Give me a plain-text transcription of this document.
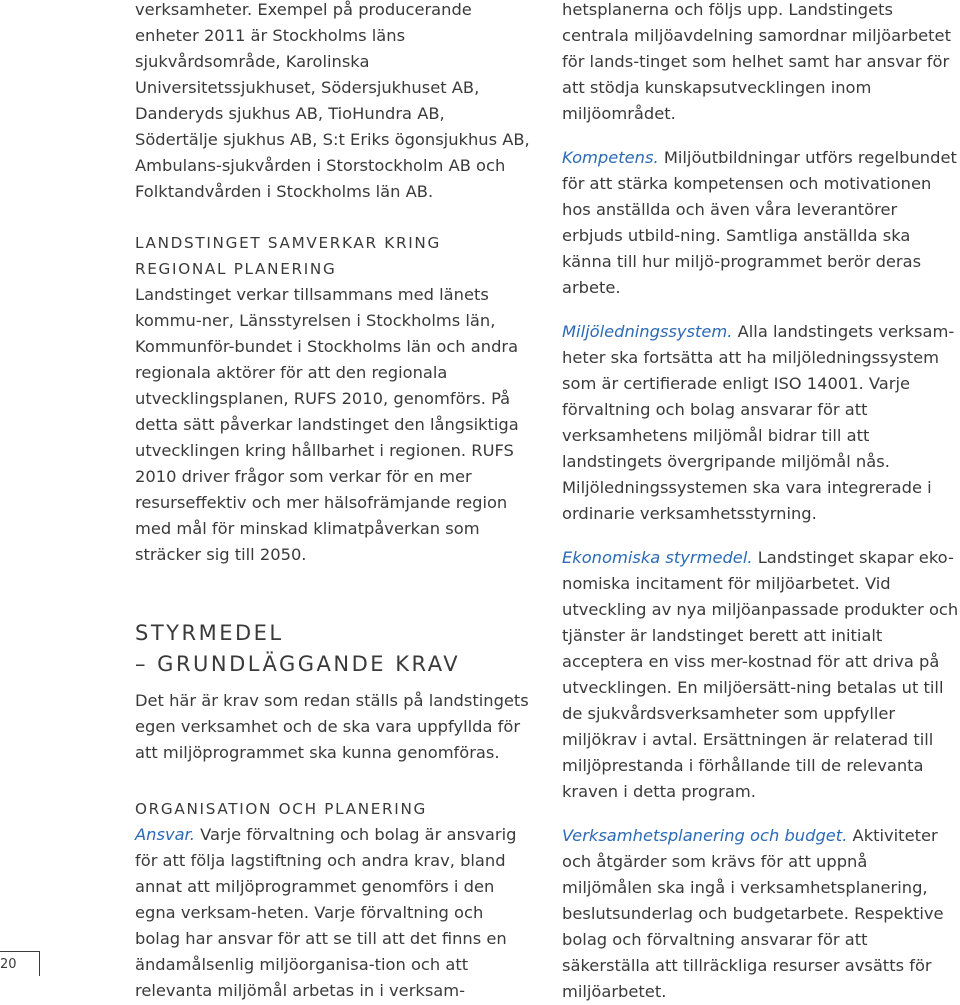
verksamheter. Exempel på producerande enheter 2011 är Stockholms läns sjukvårdsområde, Karolinska Universitetssjukhuset, Södersjukhuset AB, Danderyds sjukhus AB, TioHundra AB, Södertälje sjukhus AB, S:t Eriks ögonsjukhus AB, Ambulans-sjukvården i Storstockholm AB och Folktandvården i Stockholms län AB.

LANDSTINGET SAMVERKAR KRING
REGIONAL PLANERING

Landstinget verkar tillsammans med länets kommu-ner, Länsstyrelsen i Stockholms län, Kommunför-bundet i Stockholms län och andra regionala aktörer för att den regionala utvecklingsplanen, RUFS 2010, genomförs. På detta sätt påverkar landstinget den långsiktiga utvecklingen kring hållbarhet i regionen. RUFS 2010 driver frågor som verkar för en mer resurseffektiv och mer hälsofrämjande region med mål för minskad klimatpåverkan som sträcker sig till 2050.

STYRMEDEL
– GRUNDLÄGGANDE KRAV

Det här är krav som redan ställs på landstingets egen verksamhet och de ska vara uppfyllda för att miljöprogrammet ska kunna genomföras.

ORGANISATION OCH PLANERING

Ansvar. Varje förvaltning och bolag är ansvarig för att följa lagstiftning och andra krav, bland annat att miljöprogrammet genomförs i den egna verksam-heten. Varje förvaltning och bolag har ansvar för att se till att det finns en ändamålsenlig miljöorganisa-tion och att relevanta miljömål arbetas in i verksam-

hetsplanerna och följs upp. Landstingets centrala miljöavdelning samordnar miljöarbetet för lands-tinget som helhet samt har ansvar för att stödja kunskapsutvecklingen inom miljöområdet.

Kompetens. Miljöutbildningar utförs regelbundet för att stärka kompetensen och motivationen hos anställda och även våra leverantörer erbjuds utbild-ning. Samtliga anställda ska känna till hur miljö-programmet berör deras arbete.

Miljöledningssystem. Alla landstingets verksam-heter ska fortsätta att ha miljöledningssystem som är certifierade enligt ISO 14001. Varje förvaltning och bolag ansvarar för att verksamhetens miljömål bidrar till att landstingets övergripande miljömål nås. Miljöledningssystemen ska vara integrerade i ordinarie verksamhetsstyrning.

Ekonomiska styrmedel. Landstinget skapar eko-nomiska incitament för miljöarbetet. Vid utveckling av nya miljöanpassade produkter och tjänster är landstinget berett att initialt acceptera en viss mer-kostnad för att driva på utvecklingen. En miljöersätt-ning betalas ut till de sjukvårdsverksamheter som uppfyller miljökrav i avtal. Ersättningen är relaterad till miljöprestanda i förhållande till de relevanta kraven i detta program.

Verksamhetsplanering och budget. Aktiviteter och åtgärder som krävs för att uppnå miljömålen ska ingå i verksamhetsplanering, beslutsunderlag och budgetarbete. Respektive bolag och förvaltning ansvarar för att säkerställa att tillräckliga resurser avsätts för miljöarbetet.

20
